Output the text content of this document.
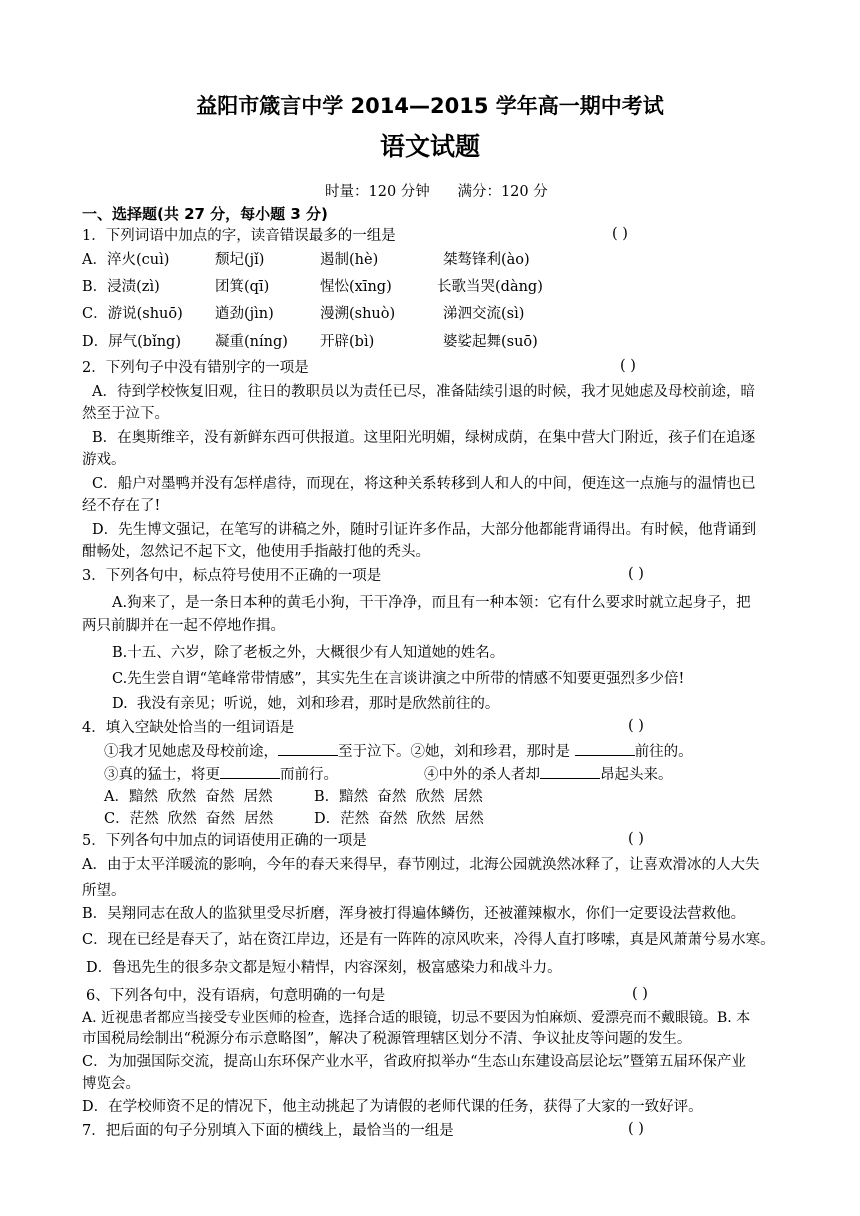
益阳市箴言中学 2014—2015 学年高一期中考试
语文试题
时量：120 分钟      满分：120 分
一、选择题(共 27 分，每小题 3 分)
1．下列词语中加点的字，读音错误最多的一组是	( )
A．淬火(cuì)	颓圮(jǐ)	遏制(hè)	桀骜锋利(ào)
B．浸渍(zì)	团箕(qī)	惺忪(xīng)	长歌当哭(dàng)
C．游说(shuō) 遒劲(jìn)	漫溯(shuò)	涕泗交流(sì)
D．屏气(bǐng) 凝重(níng) 开辟(bì)	婆娑起舞(suō)
2．下列句子中没有错别字的一项是	( )
A．待到学校恢复旧观，往日的教职员以为责任已尽，准备陆续引退的时候，我才见她虑及母校前途，暗
然至于泣下。
B．在奥斯维辛，没有新鲜东西可供报道。这里阳光明媚，绿树成荫，在集中营大门附近，孩子们在追逐
游戏。
C．船户对墨鸭并没有怎样虐待，而现在，将这种关系转移到人和人的中间，便连这一点施与的温情也已
经不存在了!
D．先生博文强记，在笔写的讲稿之外，随时引证许多作品，大部分他都能背诵得出。有时候，他背诵到
酣畅处，忽然记不起下文，他使用手指敲打他的秃头。
3．下列各句中，标点符号使用不正确的一项是	( )
A.狗来了，是一条日本种的黄毛小狗，干干净净，而且有一种本领：它有什么要求时就立起身子，把
两只前脚并在一起不停地作揖。
B.十五、六岁，除了老板之外，大概很少有人知道她的姓名。
C.先生尝自谓“笔峰常带情感”，其实先生在言谈讲演之中所带的情感不知要更强烈多少倍!
D.  我没有亲见；听说，她，刘和珍君，那时是欣然前往的。
4．填入空缺处恰当的一组词语是	( )
①我才见她虑及母校前途，	至于泣下。②她，刘和珍君，那时是	前往的。
③真的猛士，将更	而前行。	④中外的杀人者却	昂起头来。
A．黯然  欣然  奋然  居然	B．黯然  奋然  欣然  居然
C．茫然  欣然  奋然  居然	D．茫然  奋然  欣然  居然
5．下列各句中加点的词语使用正确的一项是	( )
A．由于太平洋暖流的影响，今年的春天来得早，春节刚过，北海公园就涣然冰释了，让喜欢滑冰的人大失
所望。
B．吴翔同志在敌人的监狱里受尽折磨，浑身被打得遍体鳞伤，还被灌辣椒水，你们一定要设法营救他。
C．现在已经是春天了，站在资江岸边，还是有一阵阵的凉风吹来，冷得人直打哆嗦，真是风萧萧兮易水寒。
D．鲁迅先生的很多杂文都是短小精悍，内容深刻，极富感染力和战斗力。
6、下列各句中，没有语病，句意明确的一句是	( )
A. 近视患者都应当接受专业医师的检查，选择合适的眼镜，切忌不要因为怕麻烦、爱漂亮而不戴眼镜。B. 本
市国税局绘制出“税源分布示意略图”，解决了税源管理辖区划分不清、争议扯皮等问题的发生。
C．为加强国际交流，提高山东环保产业水平，省政府拟举办“生态山东建设高层论坛”暨第五届环保产业
博览会。
D．在学校师资不足的情况下，他主动挑起了为请假的老师代课的任务，获得了大家的一致好评。
7．把后面的句子分别填入下面的横线上，最恰当的一组是	( )
